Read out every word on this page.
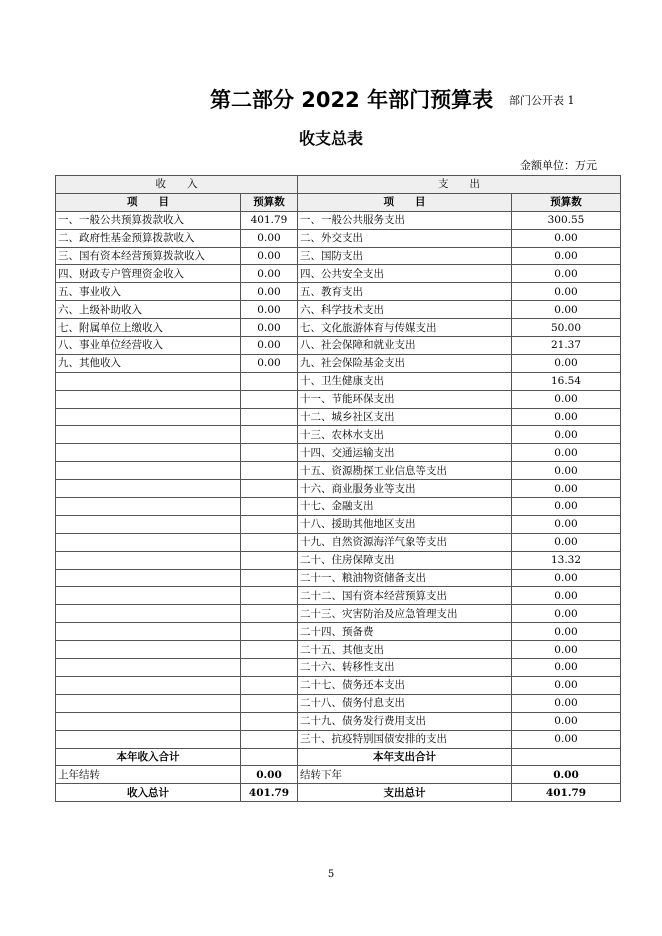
第二部分 2022 年部门预算表 部门公开表 1
收支总表
金额单位：万元
收　　入		支　　出	
项　　目	预算数	项　　目	预算数
一、一般公共预算拨款收入	401.79	一、一般公共服务支出	300.55
二、政府性基金预算拨款收入	0.00	二、外交支出	0.00
三、国有资本经营预算拨款收入	0.00	三、国防支出	0.00
四、财政专户管理资金收入	0.00	四、公共安全支出	0.00
五、事业收入	0.00	五、教育支出	0.00
六、上级补助收入	0.00	六、科学技术支出	0.00
七、附属单位上缴收入	0.00	七、文化旅游体育与传媒支出	50.00
八、事业单位经营收入	0.00	八、社会保障和就业支出	21.37
九、其他收入	0.00	九、社会保险基金支出	0.00
		十、卫生健康支出	16.54
		十一、节能环保支出	0.00
		十二、城乡社区支出	0.00
		十三、农林水支出	0.00
		十四、交通运输支出	0.00
		十五、资源勘探工业信息等支出	0.00
		十六、商业服务业等支出	0.00
		十七、金融支出	0.00
		十八、援助其他地区支出	0.00
		十九、自然资源海洋气象等支出	0.00
		二十、住房保障支出	13.32
		二十一、粮油物资储备支出	0.00
		二十二、国有资本经营预算支出	0.00
		二十三、灾害防治及应急管理支出	0.00
		二十四、预备费	0.00
		二十五、其他支出	0.00
		二十六、转移性支出	0.00
		二十七、债务还本支出	0.00
		二十八、债务付息支出	0.00
		二十九、债务发行费用支出	0.00
		三十、抗疫特别国债安排的支出	0.00
本年收入合计		本年支出合计	
上年结转	0.00	结转下年	0.00
收入总计	401.79	支出总计	401.79
5
